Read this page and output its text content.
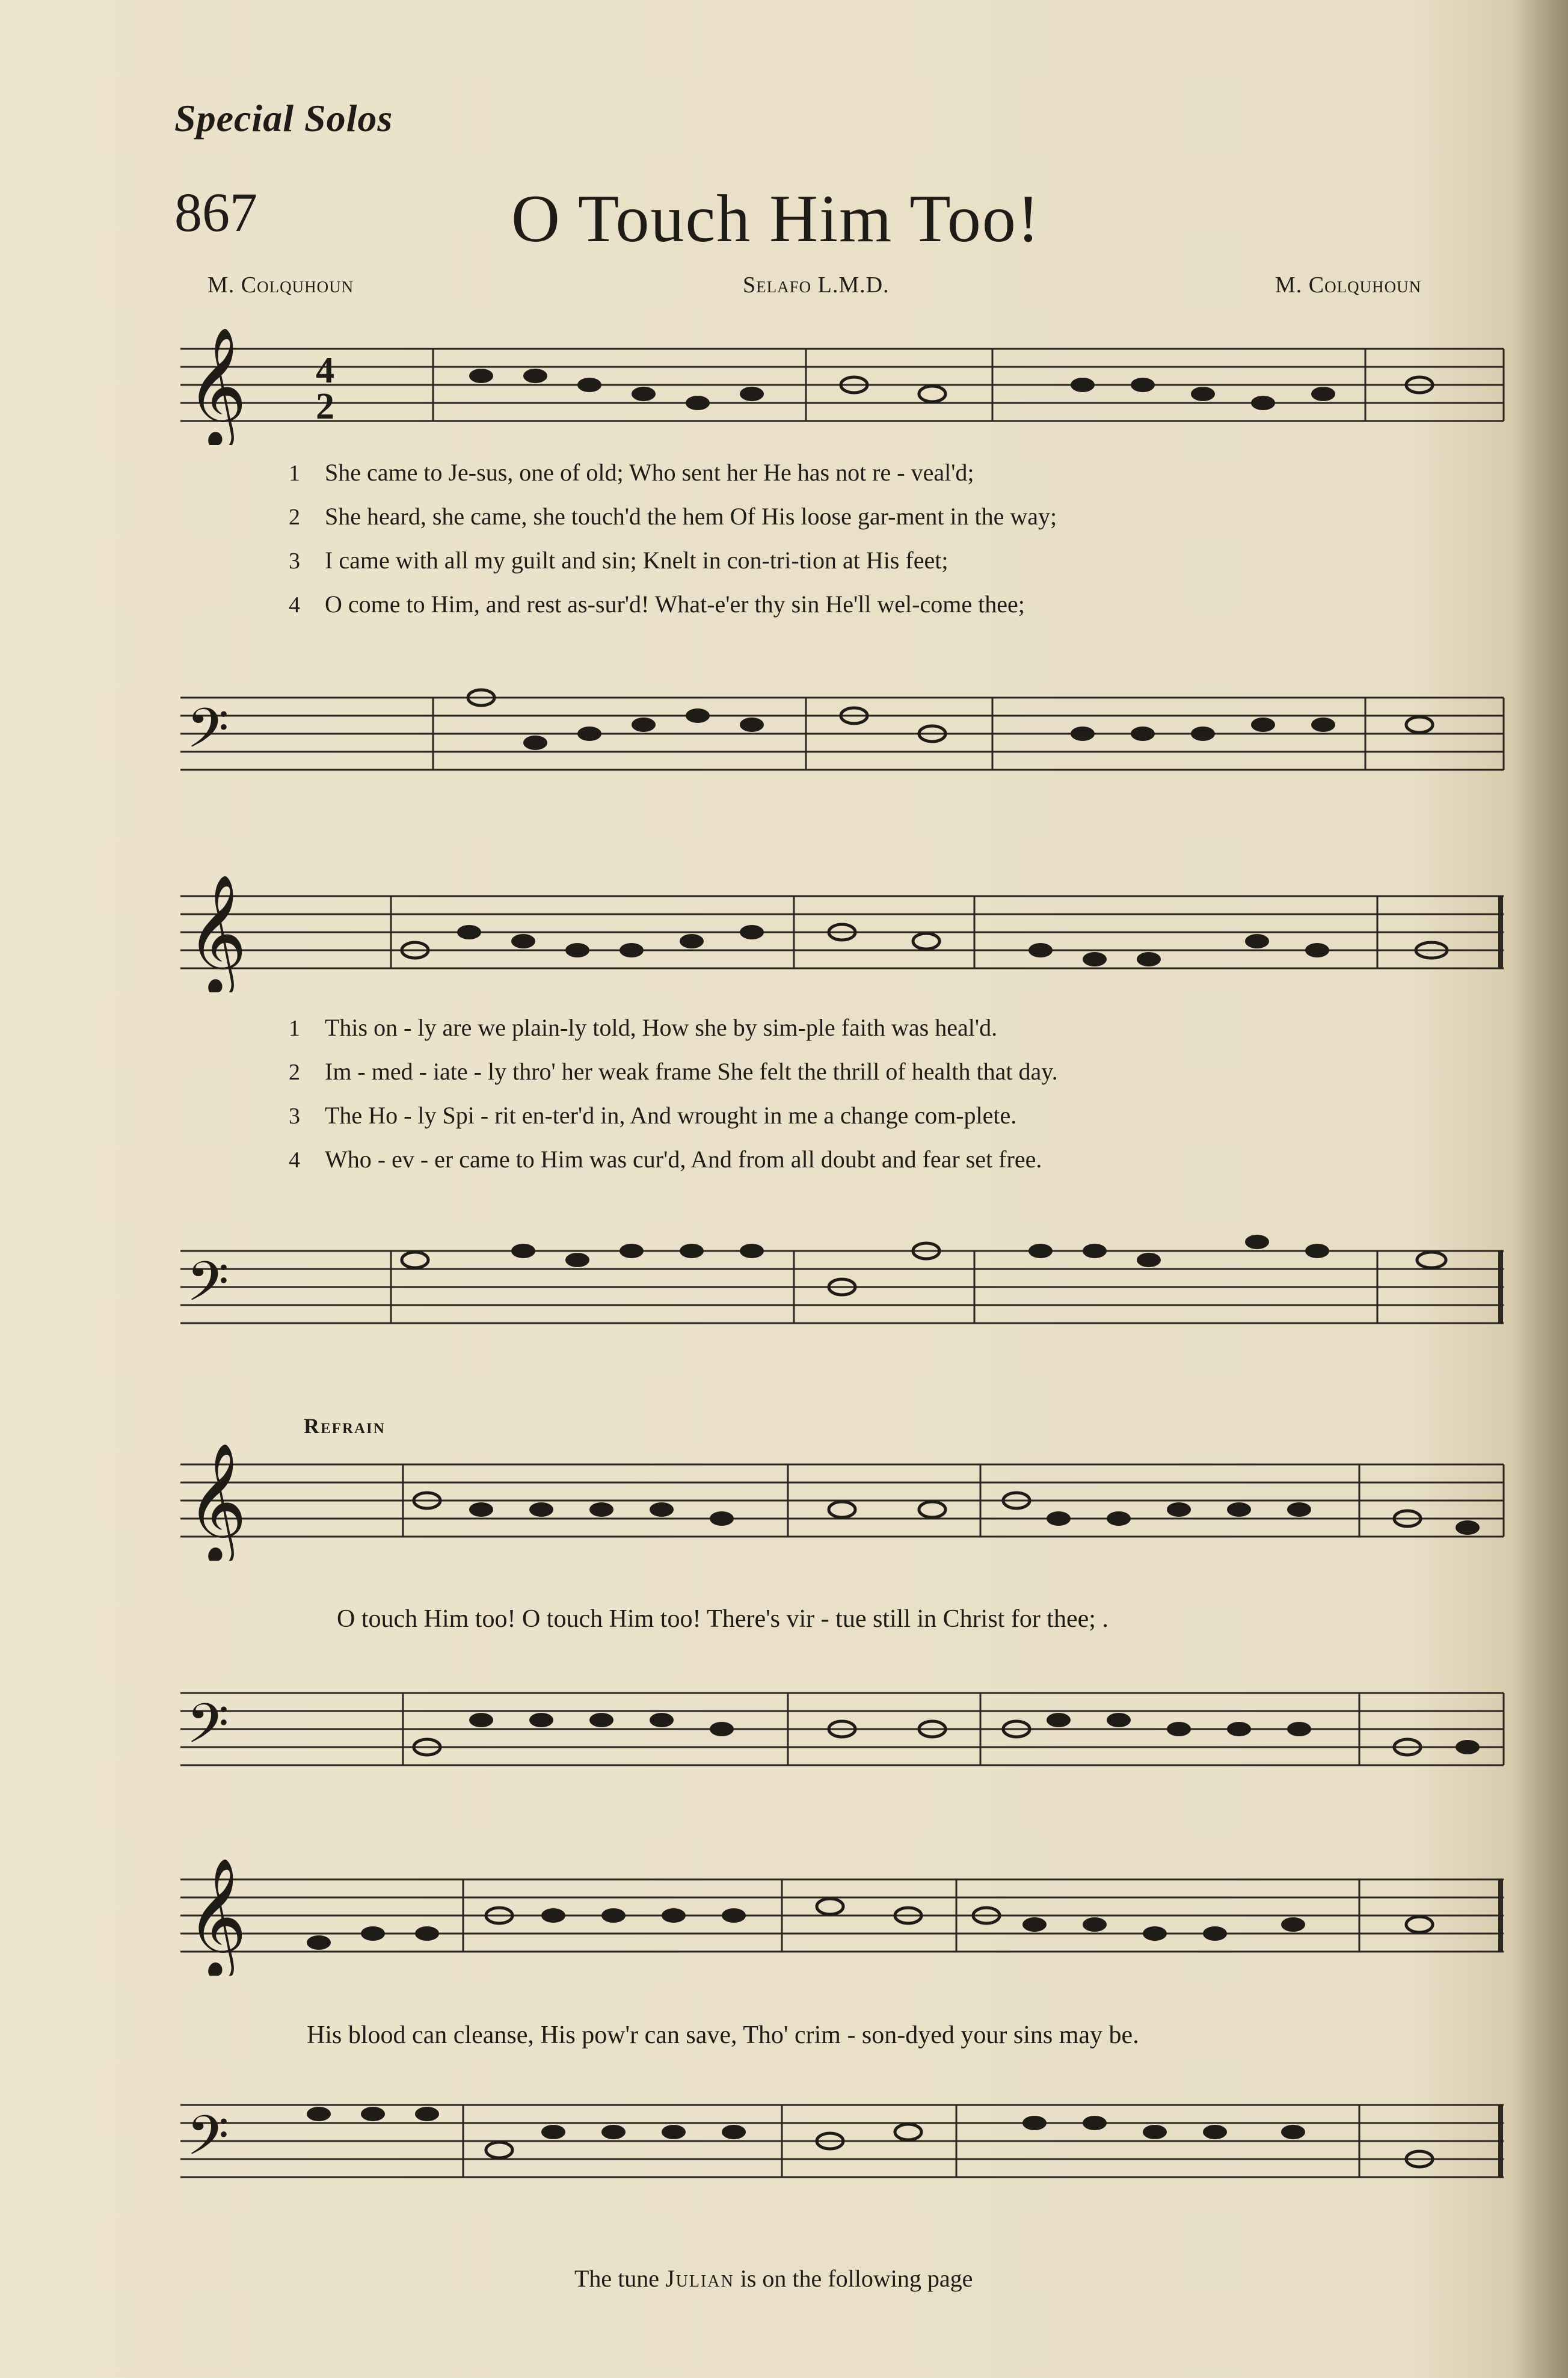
Special Solos
867	O Touch Him Too!
M. Colquhoun	Selafo L.M.D.	M. Colquhoun
𝄞 4
2
1 She came to Je-sus, one of old; Who sent her He has not re - veal'd;
2 She heard, she came, she touch'd the hem Of His loose gar-ment in the way;
3 I came with all my guilt and sin; Knelt in con-tri-tion at His feet;
4 O come to Him, and rest as-sur'd! What-e'er thy sin He'll wel-come thee;
𝄢
𝄞
1 This on - ly are we plain-ly told, How she by sim-ple faith was heal'd.
2 Im - med - iate - ly thro' her weak frame She felt the thrill of health that day.
3 The Ho - ly Spi - rit en-ter'd in, And wrought in me a change com-plete.
4 Who - ev - er came to Him was cur'd, And from all doubt and fear set free.
𝄢
Refrain
𝄞
O touch Him too! O touch Him too! There's vir - tue still in Christ for thee; .
𝄢
𝄞
His blood can cleanse, His pow'r can save, Tho' crim - son-dyed your sins may be.
𝄢
The tune Julian is on the following page
